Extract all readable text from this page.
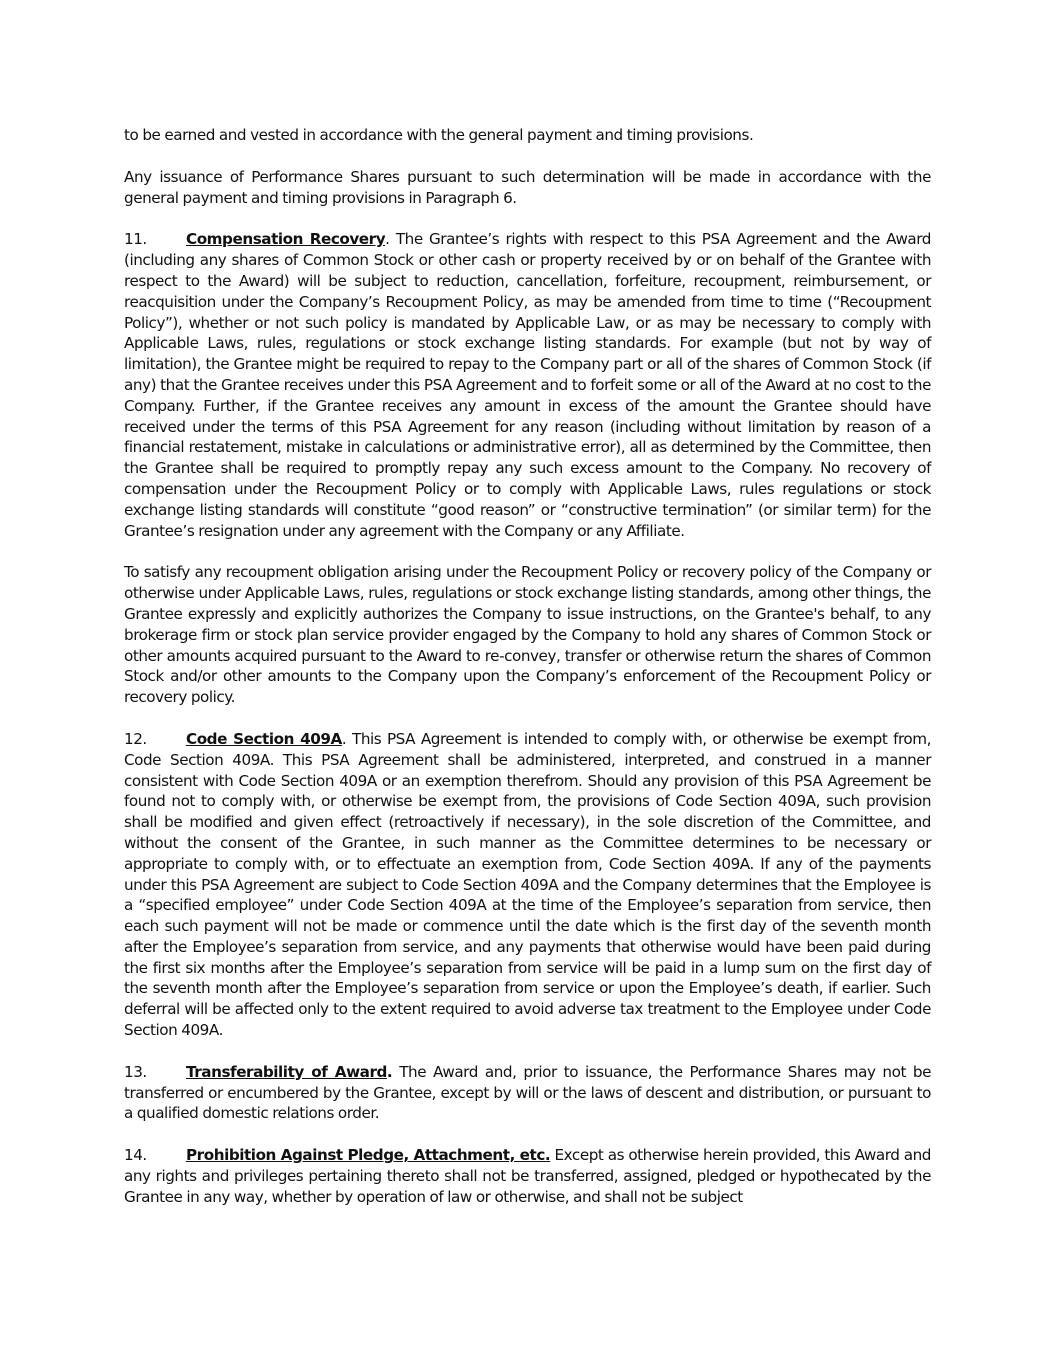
to be earned and vested in accordance with the general payment and timing provisions.

Any issuance of Performance Shares pursuant to such determination will be made in accordance with the general payment and timing provisions in Paragraph 6.

11.	Compensation Recovery. The Grantee’s rights with respect to this PSA Agreement and the Award (including any shares of Common Stock or other cash or property received by or on behalf of the Grantee with respect to the Award) will be subject to reduction, cancellation, forfeiture, recoupment, reimbursement, or reacquisition under the Company’s Recoupment Policy, as may be amended from time to time (“Recoupment Policy”), whether or not such policy is mandated by Applicable Law, or as may be necessary to comply with Applicable Laws, rules, regulations or stock exchange listing standards. For example (but not by way of limitation), the Grantee might be required to repay to the Company part or all of the shares of Common Stock (if any) that the Grantee receives under this PSA Agreement and to forfeit some or all of the Award at no cost to the Company. Further, if the Grantee receives any amount in excess of the amount the Grantee should have received under the terms of this PSA Agreement for any reason (including without limitation by reason of a financial restatement, mistake in calculations or administrative error), all as determined by the Committee, then the Grantee shall be required to promptly repay any such excess amount to the Company. No recovery of compensation under the Recoupment Policy or to comply with Applicable Laws, rules regulations or stock exchange listing standards will constitute “good reason” or “constructive termination” (or similar term) for the Grantee’s resignation under any agreement with the Company or any Affiliate.

To satisfy any recoupment obligation arising under the Recoupment Policy or recovery policy of the Company or otherwise under Applicable Laws, rules, regulations or stock exchange listing standards, among other things, the Grantee expressly and explicitly authorizes the Company to issue instructions, on the Grantee's behalf, to any brokerage firm or stock plan service provider engaged by the Company to hold any shares of Common Stock or other amounts acquired pursuant to the Award to re-convey, transfer or otherwise return the shares of Common Stock and/or other amounts to the Company upon the Company’s enforcement of the Recoupment Policy or recovery policy.

12.	Code Section 409A. This PSA Agreement is intended to comply with, or otherwise be exempt from, Code Section 409A. This PSA Agreement shall be administered, interpreted, and construed in a manner consistent with Code Section 409A or an exemption therefrom. Should any provision of this PSA Agreement be found not to comply with, or otherwise be exempt from, the provisions of Code Section 409A, such provision shall be modified and given effect (retroactively if necessary), in the sole discretion of the Committee, and without the consent of the Grantee, in such manner as the Committee determines to be necessary or appropriate to comply with, or to effectuate an exemption from, Code Section 409A. If any of the payments under this PSA Agreement are subject to Code Section 409A and the Company determines that the Employee is a “specified employee” under Code Section 409A at the time of the Employee’s separation from service, then each such payment will not be made or commence until the date which is the first day of the seventh month after the Employee’s separation from service, and any payments that otherwise would have been paid during the first six months after the Employee’s separation from service will be paid in a lump sum on the first day of the seventh month after the Employee’s separation from service or upon the Employee’s death, if earlier. Such deferral will be affected only to the extent required to avoid adverse tax treatment to the Employee under Code Section 409A.

13.	Transferability of Award. The Award and, prior to issuance, the Performance Shares may not be transferred or encumbered by the Grantee, except by will or the laws of descent and distribution, or pursuant to a qualified domestic relations order.

14.	Prohibition Against Pledge, Attachment, etc. Except as otherwise herein provided, this Award and any rights and privileges pertaining thereto shall not be transferred, assigned, pledged or hypothecated by the Grantee in any way, whether by operation of law or otherwise, and shall not be subject
